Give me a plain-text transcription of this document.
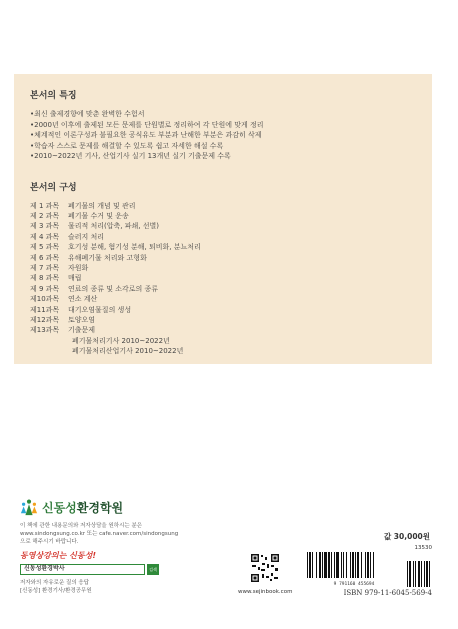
본서의 특징
•최신 출제경향에 맞춘 완벽한 수험서
•2000년 이후에 출제된 모든 문제를 단원별로 정리하여 각 단원에 맞게 정리
•체계적인 이론구성과 불필요한 공식유도 부분과 난해한 부분은 과감히 삭제
•학습자 스스로 문제를 해결할 수 있도록 쉽고 자세한 해설 수록
•2010~2022년 기사, 산업기사 실기 13개년 실기 기출문제 수록
본서의 구성
제 1 과목 폐기물의 개념 및 관리
제 2 과목 폐기물 수거 및 운송
제 3 과목 물리적 처리(압축, 파쇄, 선별)
제 4 과목 슬러지 처리
제 5 과목 호기성 분해, 혐기성 분해, 퇴비화, 분뇨처리
제 6 과목 유해폐기물 처리와 고형화
제 7 과목 자원화
제 8 과목 매립
제 9 과목 연료의 종류 및 소각로의 종류
제10과목 연소 계산
제11과목 대기오염물질의 생성
제12과목 토양오염
제13과목 기출문제
폐기물처리기사 2010~2022년
폐기물처리산업기사 2010~2022년
신동성환경학원
이 책에 관한 내용문의와 저자상담을 원하시는 분은
www.sindongsung.co.kr 또는 cafe.naver.com/sindongsung
으로 해주시기 바랍니다.
동영상강의는 신동성!
신동성환경박사	검색
저자와의 자유로운 질의 응답
[신동성] 환경기사/환경공무원	www.sejinbook.com
값 30,000원
13530
9 791160 455694
ISBN 979-11-6045-569-4
